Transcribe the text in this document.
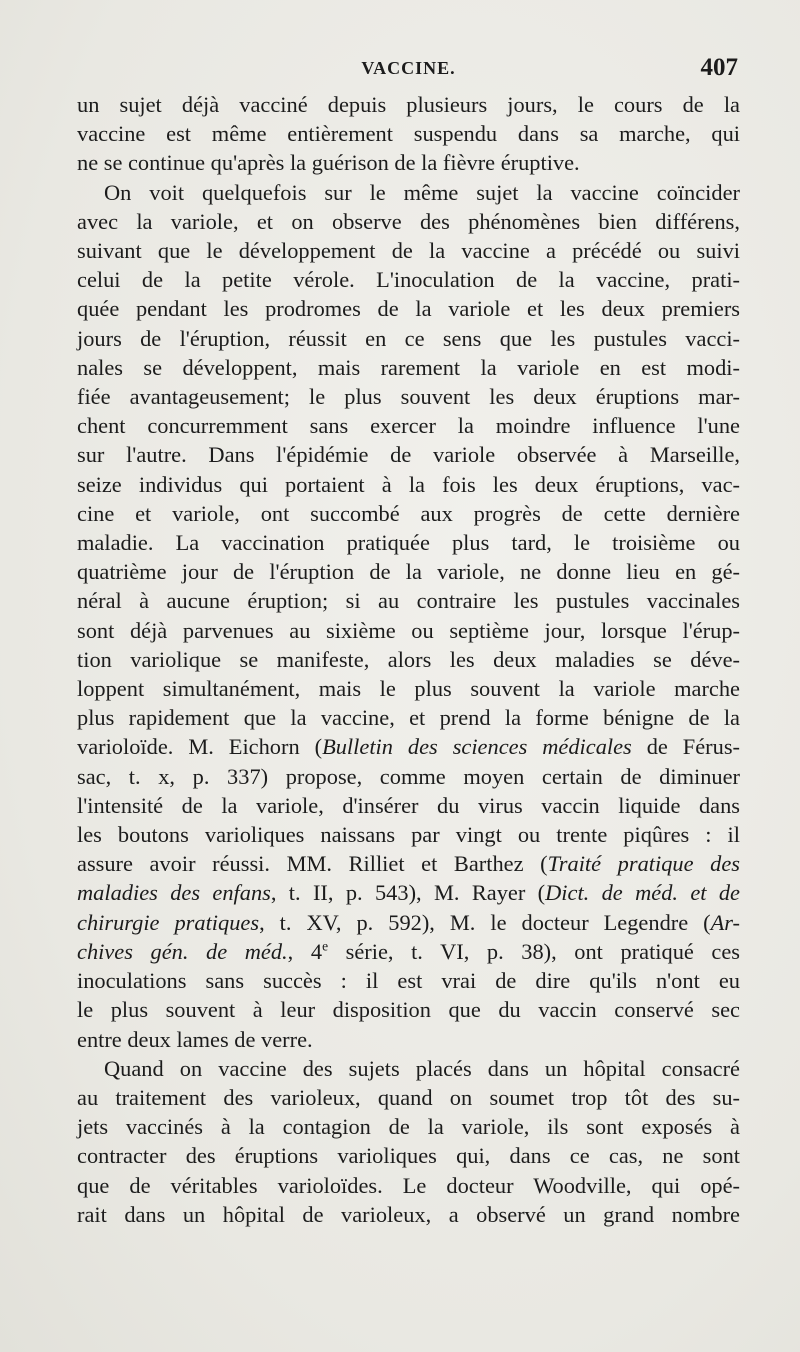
VACCINE.	407

un sujet déjà vacciné depuis plusieurs jours, le cours de la
vaccine est même entièrement suspendu dans sa marche, qui
ne se continue qu'après la guérison de la fièvre éruptive.

On voit quelquefois sur le même sujet la vaccine coïncider
avec la variole, et on observe des phénomènes bien différens,
suivant que le développement de la vaccine a précédé ou suivi
celui de la petite vérole. L'inoculation de la vaccine, prati-
quée pendant les prodromes de la variole et les deux premiers
jours de l'éruption, réussit en ce sens que les pustules vacci-
nales se développent, mais rarement la variole en est modi-
fiée avantageusement; le plus souvent les deux éruptions mar-
chent concurremment sans exercer la moindre influence l'une
sur l'autre. Dans l'épidémie de variole observée à Marseille,
seize individus qui portaient à la fois les deux éruptions, vac-
cine et variole, ont succombé aux progrès de cette dernière
maladie. La vaccination pratiquée plus tard, le troisième ou
quatrième jour de l'éruption de la variole, ne donne lieu en gé-
néral à aucune éruption; si au contraire les pustules vaccinales
sont déjà parvenues au sixième ou septième jour, lorsque l'érup-
tion variolique se manifeste, alors les deux maladies se déve-
loppent simultanément, mais le plus souvent la variole marche
plus rapidement que la vaccine, et prend la forme bénigne de la
varioloïde. M. Eichorn (Bulletin des sciences médicales de Férus-
sac, t. x, p. 337) propose, comme moyen certain de diminuer
l'intensité de la variole, d'insérer du virus vaccin liquide dans
les boutons varioliques naissans par vingt ou trente piqûres : il
assure avoir réussi. MM. Rilliet et Barthez (Traité pratique des
maladies des enfans, t. II, p. 543), M. Rayer (Dict. de méd. et de
chirurgie pratiques, t. XV, p. 592), M. le docteur Legendre (Ar-
chives gén. de méd., 4e série, t. VI, p. 38), ont pratiqué ces
inoculations sans succès : il est vrai de dire qu'ils n'ont eu
le plus souvent à leur disposition que du vaccin conservé sec
entre deux lames de verre.

Quand on vaccine des sujets placés dans un hôpital consacré
au traitement des varioleux, quand on soumet trop tôt des su-
jets vaccinés à la contagion de la variole, ils sont exposés à
contracter des éruptions varioliques qui, dans ce cas, ne sont
que de véritables varioloïdes. Le docteur Woodville, qui opé-
rait dans un hôpital de varioleux, a observé un grand nombre
